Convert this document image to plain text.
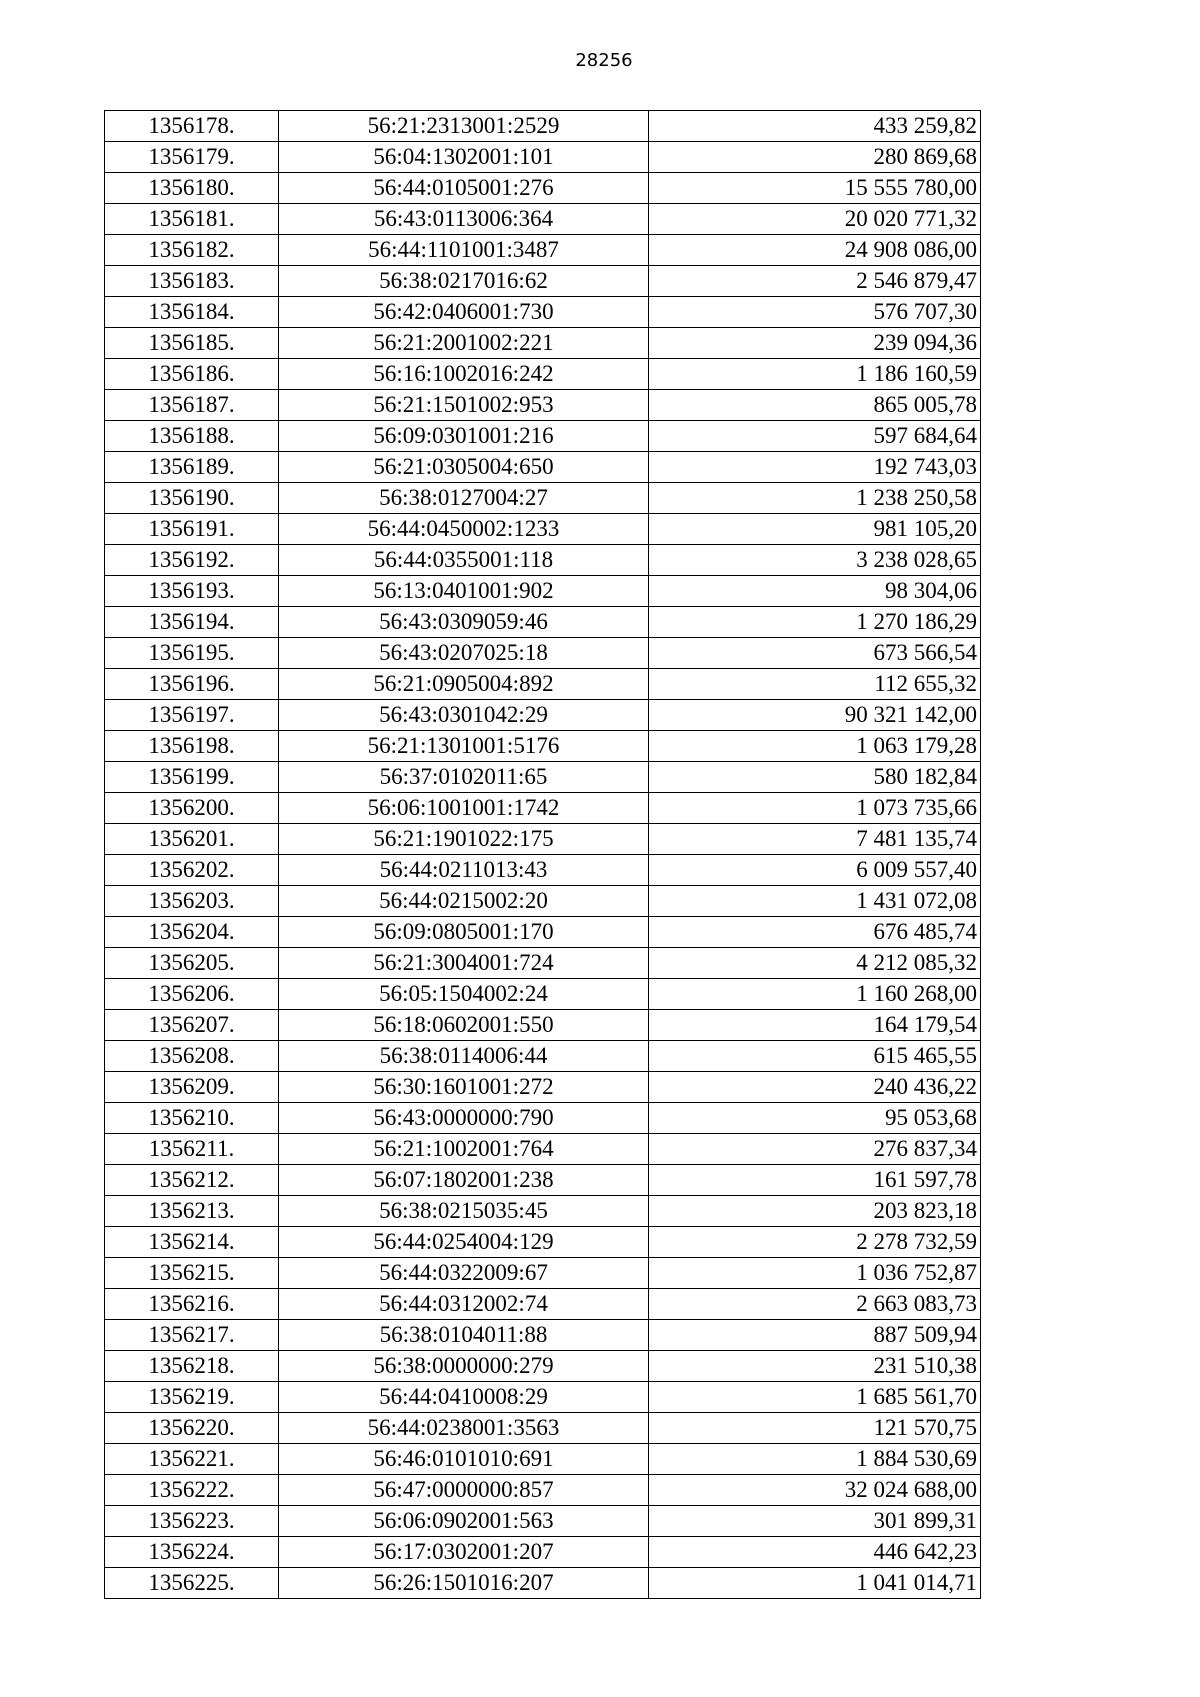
28256
1356178.	56:21:2313001:2529	433 259,82
1356179.	56:04:1302001:101	280 869,68
1356180.	56:44:0105001:276	15 555 780,00
1356181.	56:43:0113006:364	20 020 771,32
1356182.	56:44:1101001:3487	24 908 086,00
1356183.	56:38:0217016:62	2 546 879,47
1356184.	56:42:0406001:730	576 707,30
1356185.	56:21:2001002:221	239 094,36
1356186.	56:16:1002016:242	1 186 160,59
1356187.	56:21:1501002:953	865 005,78
1356188.	56:09:0301001:216	597 684,64
1356189.	56:21:0305004:650	192 743,03
1356190.	56:38:0127004:27	1 238 250,58
1356191.	56:44:0450002:1233	981 105,20
1356192.	56:44:0355001:118	3 238 028,65
1356193.	56:13:0401001:902	98 304,06
1356194.	56:43:0309059:46	1 270 186,29
1356195.	56:43:0207025:18	673 566,54
1356196.	56:21:0905004:892	112 655,32
1356197.	56:43:0301042:29	90 321 142,00
1356198.	56:21:1301001:5176	1 063 179,28
1356199.	56:37:0102011:65	580 182,84
1356200.	56:06:1001001:1742	1 073 735,66
1356201.	56:21:1901022:175	7 481 135,74
1356202.	56:44:0211013:43	6 009 557,40
1356203.	56:44:0215002:20	1 431 072,08
1356204.	56:09:0805001:170	676 485,74
1356205.	56:21:3004001:724	4 212 085,32
1356206.	56:05:1504002:24	1 160 268,00
1356207.	56:18:0602001:550	164 179,54
1356208.	56:38:0114006:44	615 465,55
1356209.	56:30:1601001:272	240 436,22
1356210.	56:43:0000000:790	95 053,68
1356211.	56:21:1002001:764	276 837,34
1356212.	56:07:1802001:238	161 597,78
1356213.	56:38:0215035:45	203 823,18
1356214.	56:44:0254004:129	2 278 732,59
1356215.	56:44:0322009:67	1 036 752,87
1356216.	56:44:0312002:74	2 663 083,73
1356217.	56:38:0104011:88	887 509,94
1356218.	56:38:0000000:279	231 510,38
1356219.	56:44:0410008:29	1 685 561,70
1356220.	56:44:0238001:3563	121 570,75
1356221.	56:46:0101010:691	1 884 530,69
1356222.	56:47:0000000:857	32 024 688,00
1356223.	56:06:0902001:563	301 899,31
1356224.	56:17:0302001:207	446 642,23
1356225.	56:26:1501016:207	1 041 014,71
